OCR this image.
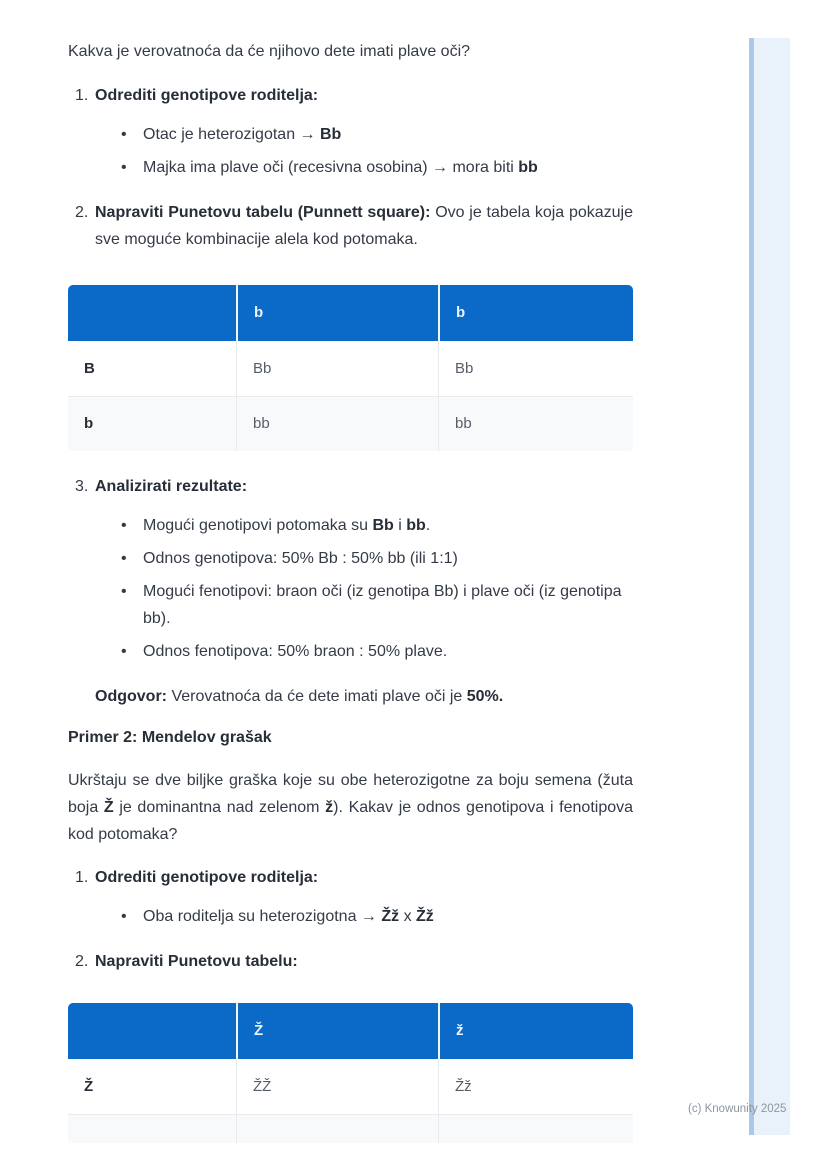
Kakva je verovatnoća da će njihovo dete imati plave oči?

1. Odrediti genotipove roditelja:

•	Otac je heterozigotan → Bb
•	Majka ima plave oči (recesivna osobina) → mora biti bb
2. Napraviti Punetovu tabelu (Punnett square): Ovo je tabela koja pokazuje sve moguće kombinacije alela kod potomaka.

	b	b
B	Bb	Bb
b	bb	bb
3. Analizirati rezultate:

•	Mogući genotipovi potomaka su Bb i bb.
•	Odnos genotipova: 50% Bb : 50% bb (ili 1:1)
•	Mogući fenotipovi: braon oči (iz genotipa Bb) i plave oči (iz genotipa bb).
•	Odnos fenotipova: 50% braon : 50% plave.

Odgovor: Verovatnoća da će dete imati plave oči je 50%.

Primer 2: Mendelov grašak

Ukrštaju se dve biljke graška koje su obe heterozigotne za boju semena (žuta boja Ž je dominantna nad zelenom ž). Kakav je odnos genotipova i fenotipova kod potomaka?

1. Odrediti genotipove roditelja:

•	Oba roditelja su heterozigotna → Žž x Žž
2. Napraviti Punetovu tabelu:

	Ž	ž
Ž	ŽŽ	Žž

(c) Knowunity 2025
